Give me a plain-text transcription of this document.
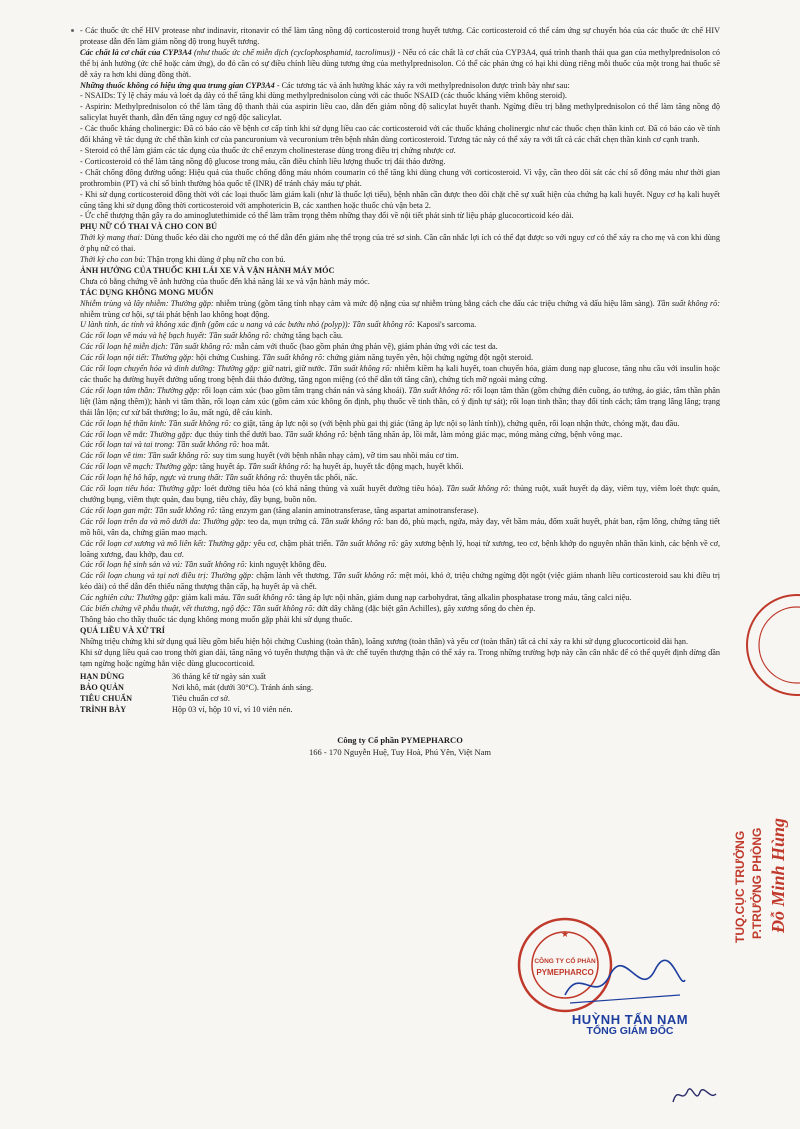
- Các thuốc ức chế HIV protease như indinavir, ritonavir có thể làm tăng nồng độ corticosteroid trong huyết tương. Các corticosteroid có thể cảm ứng sự chuyển hóa của các thuốc ức chế HIV protease dẫn đến làm giảm nồng độ trong huyết tương.

Các chất là cơ chất của CYP3A4 (như thuốc ức chế miễn dịch (cyclophosphamid, tacrolimus)) - Nếu có các chất là cơ chất của CYP3A4, quá trình thanh thải qua gan của methylprednisolon có thể bị ảnh hưởng (ức chế hoặc cảm ứng), do đó cần có sự điều chỉnh liều dùng tương ứng của methylprednisolon. Có thể các phản ứng có hại khi dùng riêng mỗi thuốc của một trong hai thuốc sẽ dễ xảy ra hơn khi dùng đồng thời.

Những thuốc không có hiệu ứng qua trung gian CYP3A4 - Các tương tác và ảnh hưởng khác xảy ra với methylprednisolon được trình bày như sau:

- NSAIDs: Tỷ lệ chảy máu và loét dạ dày có thể tăng khi dùng methylprednisolon cùng với các thuốc NSAID (các thuốc kháng viêm không steroid).

- Aspirin: Methylprednisolon có thể làm tăng độ thanh thải của aspirin liều cao, dẫn đến giảm nồng độ salicylat huyết thanh. Ngừng điều trị bằng methylprednisolon có thể làm tăng nồng độ salicylat huyết thanh, dẫn đến tăng nguy cơ ngộ độc salicylat.

- Các thuốc kháng cholinergic: Đã có báo cáo về bệnh cơ cấp tính khi sử dụng liều cao các corticosteroid với các thuốc kháng cholinergic như các thuốc chẹn thần kinh cơ. Đã có báo cáo về tính đối kháng về tác dụng ức chế thần kinh cơ của pancuronium và vecuronium trên bệnh nhân dùng corticosteroid. Tương tác này có thể xảy ra với tất cả các chất chẹn thần kinh cơ cạnh tranh.

- Steroid có thể làm giảm các tác dụng của thuốc ức chế enzym cholinesterase dùng trong điều trị chứng nhược cơ.

- Corticosteroid có thể làm tăng nồng độ glucose trong máu, cần điều chỉnh liều lượng thuốc trị đái tháo đường.

- Chất chống đông đường uống: Hiệu quả của thuốc chống đông máu nhóm coumarin có thể tăng khi dùng chung với corticosteroid. Vì vậy, cần theo dõi sát các chỉ số đông máu như thời gian prothrombin (PT) và chỉ số bình thường hóa quốc tế (INR) để tránh chảy máu tự phát.

- Khi sử dụng corticosteroid đồng thời với các loại thuốc làm giảm kali (như là thuốc lợi tiểu), bệnh nhân cần được theo dõi chặt chẽ sự xuất hiện của chứng hạ kali huyết. Nguy cơ hạ kali huyết cũng tăng khi sử dụng đồng thời corticosteroid với amphotericin B, các xanthen hoặc thuốc chủ vận beta 2.

- Ức chế thượng thận gây ra do aminoglutethimide có thể làm trầm trọng thêm những thay đổi về nội tiết phát sinh từ liệu pháp glucocorticoid kéo dài.

PHỤ NỮ CÓ THAI VÀ CHO CON BÚ

Thời kỳ mang thai: Dùng thuốc kéo dài cho người mẹ có thể dẫn đến giảm nhẹ thể trọng của trẻ sơ sinh. Cần cân nhắc lợi ích có thể đạt được so với nguy cơ có thể xảy ra cho mẹ và con khi dùng ở phụ nữ có thai.

Thời kỳ cho con bú: Thận trọng khi dùng ở phụ nữ cho con bú.

ẢNH HƯỞNG CỦA THUỐC KHI LÁI XE VÀ VẬN HÀNH MÁY MÓC

Chưa có bằng chứng về ảnh hưởng của thuốc đến khả năng lái xe và vận hành máy móc.

TÁC DỤNG KHÔNG MONG MUỐN

Nhiễm trùng và lây nhiễm: Thường gặp: nhiễm trùng (gồm tăng tính nhạy cảm và mức độ nặng của sự nhiễm trùng bằng cách che dấu các triệu chứng và dấu hiệu lâm sàng). Tần suất không rõ: nhiễm trùng cơ hội, sự tái phát bệnh lao không hoạt động.

U lành tính, ác tính và không xác định (gồm các u nang và các bướu nhỏ (polyp)): Tần suất không rõ: Kaposi's sarcoma.

Các rối loạn về máu và hệ bạch huyết: Tần suất không rõ: chứng tăng bạch cầu.

Các rối loạn hệ miễn dịch: Tần suất không rõ: mẫn cảm với thuốc (bao gồm phản ứng phản vệ), giảm phản ứng với các test da.

Các rối loạn nội tiết: Thường gặp: hội chứng Cushing. Tần suất không rõ: chứng giảm năng tuyến yên, hội chứng ngừng đột ngột steroid.

Các rối loạn chuyển hóa và dinh dưỡng: Thường gặp: giữ natri, giữ nước. Tần suất không rõ: nhiễm kiềm hạ kali huyết, toan chuyển hóa, giảm dung nạp glucose, tăng nhu cầu với insulin hoặc các thuốc hạ đường huyết đường uống trong bệnh đái tháo đường, tăng ngon miệng (có thể dẫn tới tăng cân), chứng tích mỡ ngoài màng cứng.

Các rối loạn tâm thần: Thường gặp: rối loạn cảm xúc (bao gồm tâm trạng chán nản và sảng khoái). Tần suất không rõ: rối loạn tâm thần (gồm chứng điên cuồng, ảo tưởng, ảo giác, tâm thần phân liệt (làm nặng thêm)); hành vi tâm thần, rối loạn cảm xúc (gồm cảm xúc không ổn định, phụ thuốc về tinh thần, có ý định tự sát); rối loạn tinh thần; thay đổi tính cách; tâm trạng lâng lâng; trạng thái lẫn lộn; cư xử bất thường; lo âu, mất ngủ, dễ cáu kỉnh.

Các rối loạn hệ thần kinh: Tần suất không rõ: co giật, tăng áp lực nội sọ (với bệnh phù gai thị giác (tăng áp lực nội sọ lành tính)), chứng quên, rối loạn nhận thức, chóng mặt, đau đầu.

Các rối loạn về mắt: Thường gặp: đục thủy tinh thể dưới bao. Tần suất không rõ: bệnh tăng nhãn áp, lồi mắt, làm mỏng giác mạc, mỏng màng cứng, bệnh võng mạc.

Các rối loạn tai và tai trong: Tần suất không rõ: hoa mắt.

Các rối loạn về tim: Tần suất không rõ: suy tim sung huyết (với bệnh nhân nhạy cảm), vỡ tim sau nhồi máu cơ tim.

Các rối loạn về mạch: Thường gặp: tăng huyết áp. Tần suất không rõ: hạ huyết áp, huyết tắc động mạch, huyết khối.

Các rối loạn hệ hô hấp, ngực và trung thất: Tần suất không rõ: thuyên tắc phổi, nấc.

Các rối loạn tiêu hóa: Thường gặp: loét đường tiêu hóa (có khả năng thủng và xuất huyết đường tiêu hóa). Tần suất không rõ: thủng ruột, xuất huyết dạ dày, viêm tụy, viêm loét thực quản, chướng bụng, viêm thực quản, đau bụng, tiêu chảy, đầy bụng, buồn nôn.

Các rối loạn gan mật: Tần suất không rõ: tăng enzym gan (tăng alanin aminotransferase, tăng aspartat aminotransferase).

Các rối loạn trên da và mô dưới da: Thường gặp: teo da, mụn trứng cá. Tần suất không rõ: ban đỏ, phù mạch, ngứa, mày đay, vết bầm máu, đốm xuất huyết, phát ban, rậm lông, chứng tăng tiết mồ hôi, vân da, chứng giãn mao mạch.

Các rối loạn cơ xương và mô liên kết: Thường gặp: yếu cơ, chậm phát triển. Tần suất không rõ: gãy xương bệnh lý, hoại tử xương, teo cơ, bệnh khớp do nguyên nhân thần kinh, các bệnh về cơ, loãng xương, đau khớp, đau cơ.

Các rối loạn hệ sinh sản và vú: Tần suất không rõ: kinh nguyệt không đều.

Các rối loạn chung và tại nơi điều trị: Thường gặp: chậm lành vết thương. Tần suất không rõ: mệt mỏi, khó ở, triệu chứng ngừng đột ngột (việc giảm nhanh liều corticosteroid sau khi điều trị kéo dài) có thể dẫn đến thiếu năng thượng thận cấp, hạ huyết áp và chết.

Các nghiên cứu: Thường gặp: giảm kali máu. Tần suất không rõ: tăng áp lực nội nhãn, giảm dung nạp carbohydrat, tăng alkalin phosphatase trong máu, tăng calci niệu.

Các biến chứng về phẫu thuật, vết thương, ngộ độc: Tần suất không rõ: đứt dây chằng (đặc biệt gân Achilles), gãy xương sống do chèn ép.

Thông báo cho thầy thuốc tác dụng không mong muốn gặp phải khi sử dụng thuốc.

QUÁ LIỀU VÀ XỬ TRÍ

Những triệu chứng khi sử dụng quá liều gồm biểu hiện hội chứng Cushing (toàn thân), loãng xương (toàn thân) và yếu cơ (toàn thân) tất cả chỉ xảy ra khi sử dụng glucocorticoid dài hạn.

Khi sử dụng liều quá cao trong thời gian dài, tăng năng vỏ tuyến thượng thận và ức chế tuyến thượng thận có thể xảy ra. Trong những trường hợp này cần cân nhắc để có thể quyết định dừng dần tạm ngừng hoặc ngừng hẳn việc dùng glucocorticoid.

HẠN DÙNG	36 tháng kể từ ngày sản xuất
BẢO QUẢN	Nơi khô, mát (dưới 30°C). Tránh ánh sáng.
TIÊU CHUẨN	Tiêu chuẩn cơ sở.
TRÌNH BÀY	Hộp 03 vỉ, hộp 10 vỉ, vỉ 10 viên nén.
Công ty Cổ phần PYMEPHARCO
166 - 170 Nguyễn Huệ, Tuy Hoà, Phú Yên, Việt Nam
TUQ.CỤC TRƯỞNG P.TRƯỞNG PHÒNG Đỗ Minh Hùng
CÔNG TY CỔ PHẦN
PYMEPHARCO
★
HUỲNH TẤN NAM
TỔNG GIÁM ĐỐC
